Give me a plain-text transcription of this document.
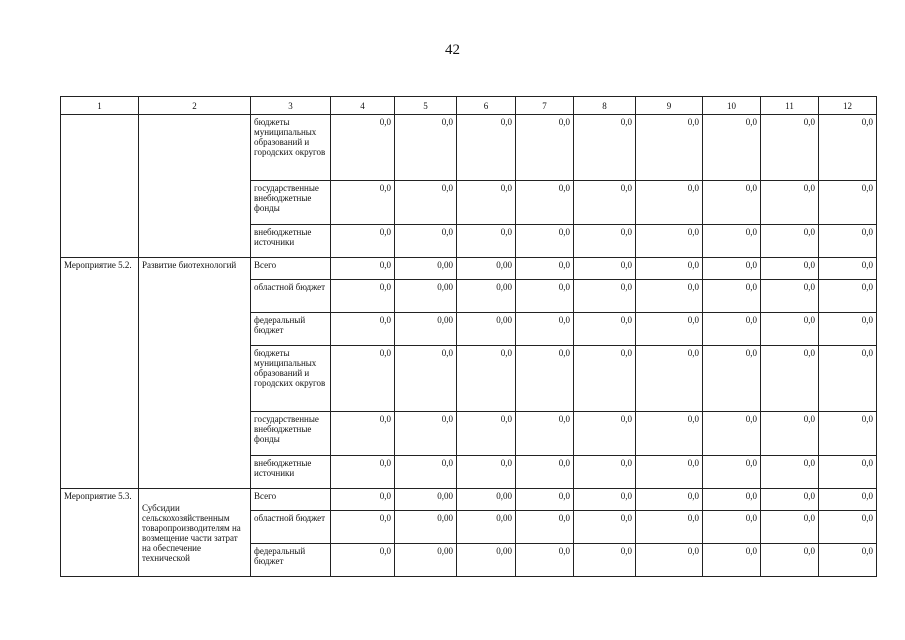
42
1	2	3	4	5	6	7	8	9	10	11	12
		бюджеты муниципальных образований и городских округов	0,0	0,0	0,0	0,0	0,0	0,0	0,0	0,0	0,0
		государственные внебюджетные фонды	0,0	0,0	0,0	0,0	0,0	0,0	0,0	0,0	0,0
		внебюджетные источники	0,0	0,0	0,0	0,0	0,0	0,0	0,0	0,0	0,0
Мероприятие 5.2.	Развитие биотехнологий	Всего	0,0	0,00	0,00	0,0	0,0	0,0	0,0	0,0	0,0
		областной бюджет	0,0	0,00	0,00	0,0	0,0	0,0	0,0	0,0	0,0
		федеральный бюджет	0,0	0,00	0,00	0,0	0,0	0,0	0,0	0,0	0,0
		бюджеты муниципальных образований и городских округов	0,0	0,0	0,0	0,0	0,0	0,0	0,0	0,0	0,0
		государственные внебюджетные фонды	0,0	0,0	0,0	0,0	0,0	0,0	0,0	0,0	0,0
		внебюджетные источники	0,0	0,0	0,0	0,0	0,0	0,0	0,0	0,0	0,0
Мероприятие 5.3.	Субсидии сельскохозяйственным товаропроизводителям на возмещение части затрат на обеспечение технической	Всего	0,0	0,00	0,00	0,0	0,0	0,0	0,0	0,0	0,0
		областной бюджет	0,0	0,00	0,00	0,0	0,0	0,0	0,0	0,0	0,0
		федеральный бюджет	0,0	0,00	0,00	0,0	0,0	0,0	0,0	0,0	0,0
